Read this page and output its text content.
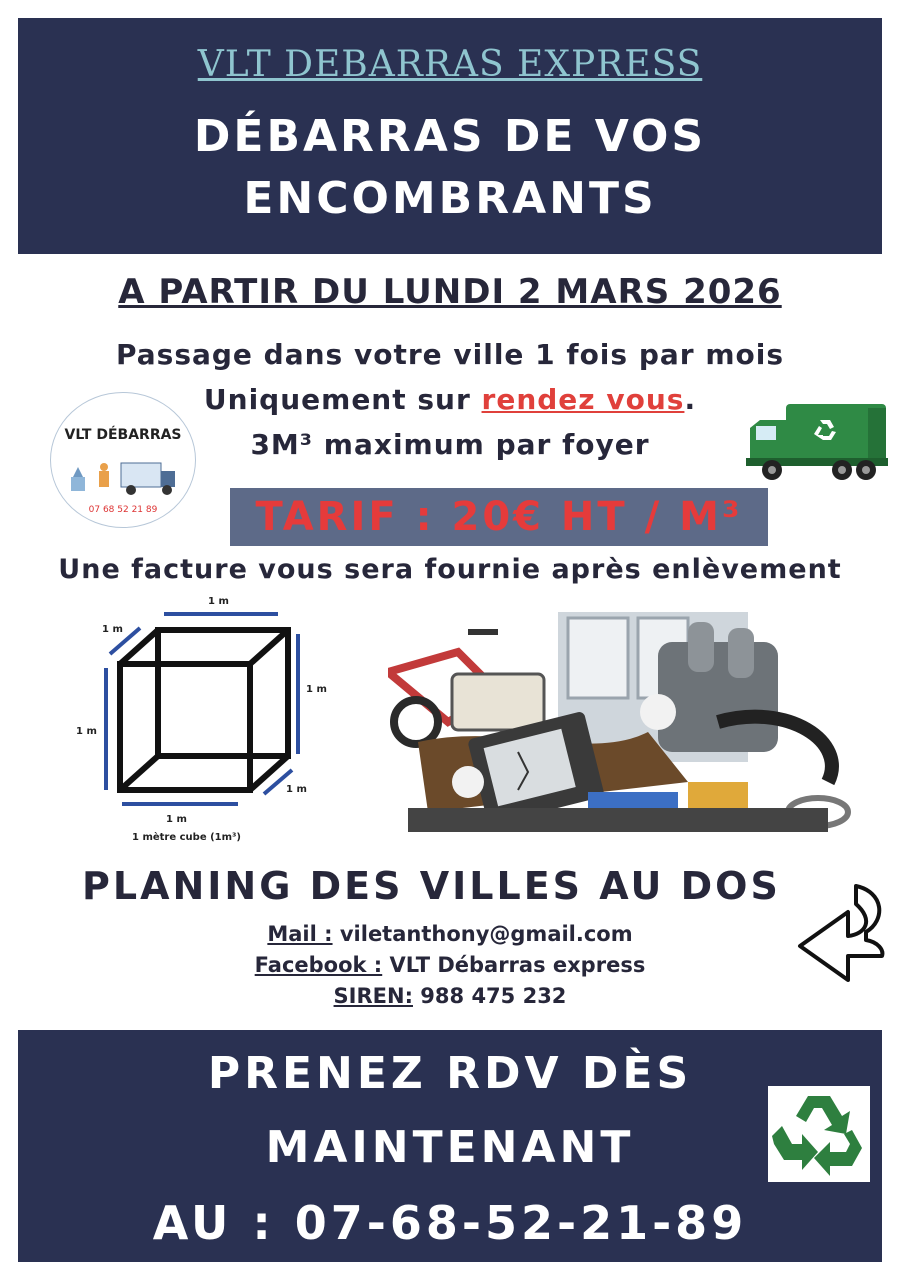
VLT DEBARRAS EXPRESS
DÉBARRAS DE VOS
ENCOMBRANTS
A PARTIR DU LUNDI 2 MARS 2026
Passage dans votre ville 1 fois par mois
Uniquement sur rendez vous.
3M³ maximum par foyer
VLT DÉBARRAS
07 68 52 21 89	TARIF : 20€ HT / M³
Une facture vous sera fournie après enlèvement
1 m
1 m
1 m
1 m
1 m
1 m
1 mètre cube (1m³)
PLANING DES VILLES AU DOS
Mail : viletanthony@gmail.com
Facebook : VLT Débarras express
SIREN: 988 475 232
PRENEZ RDV DÈS
MAINTENANT
AU : 07-68-52-21-89
